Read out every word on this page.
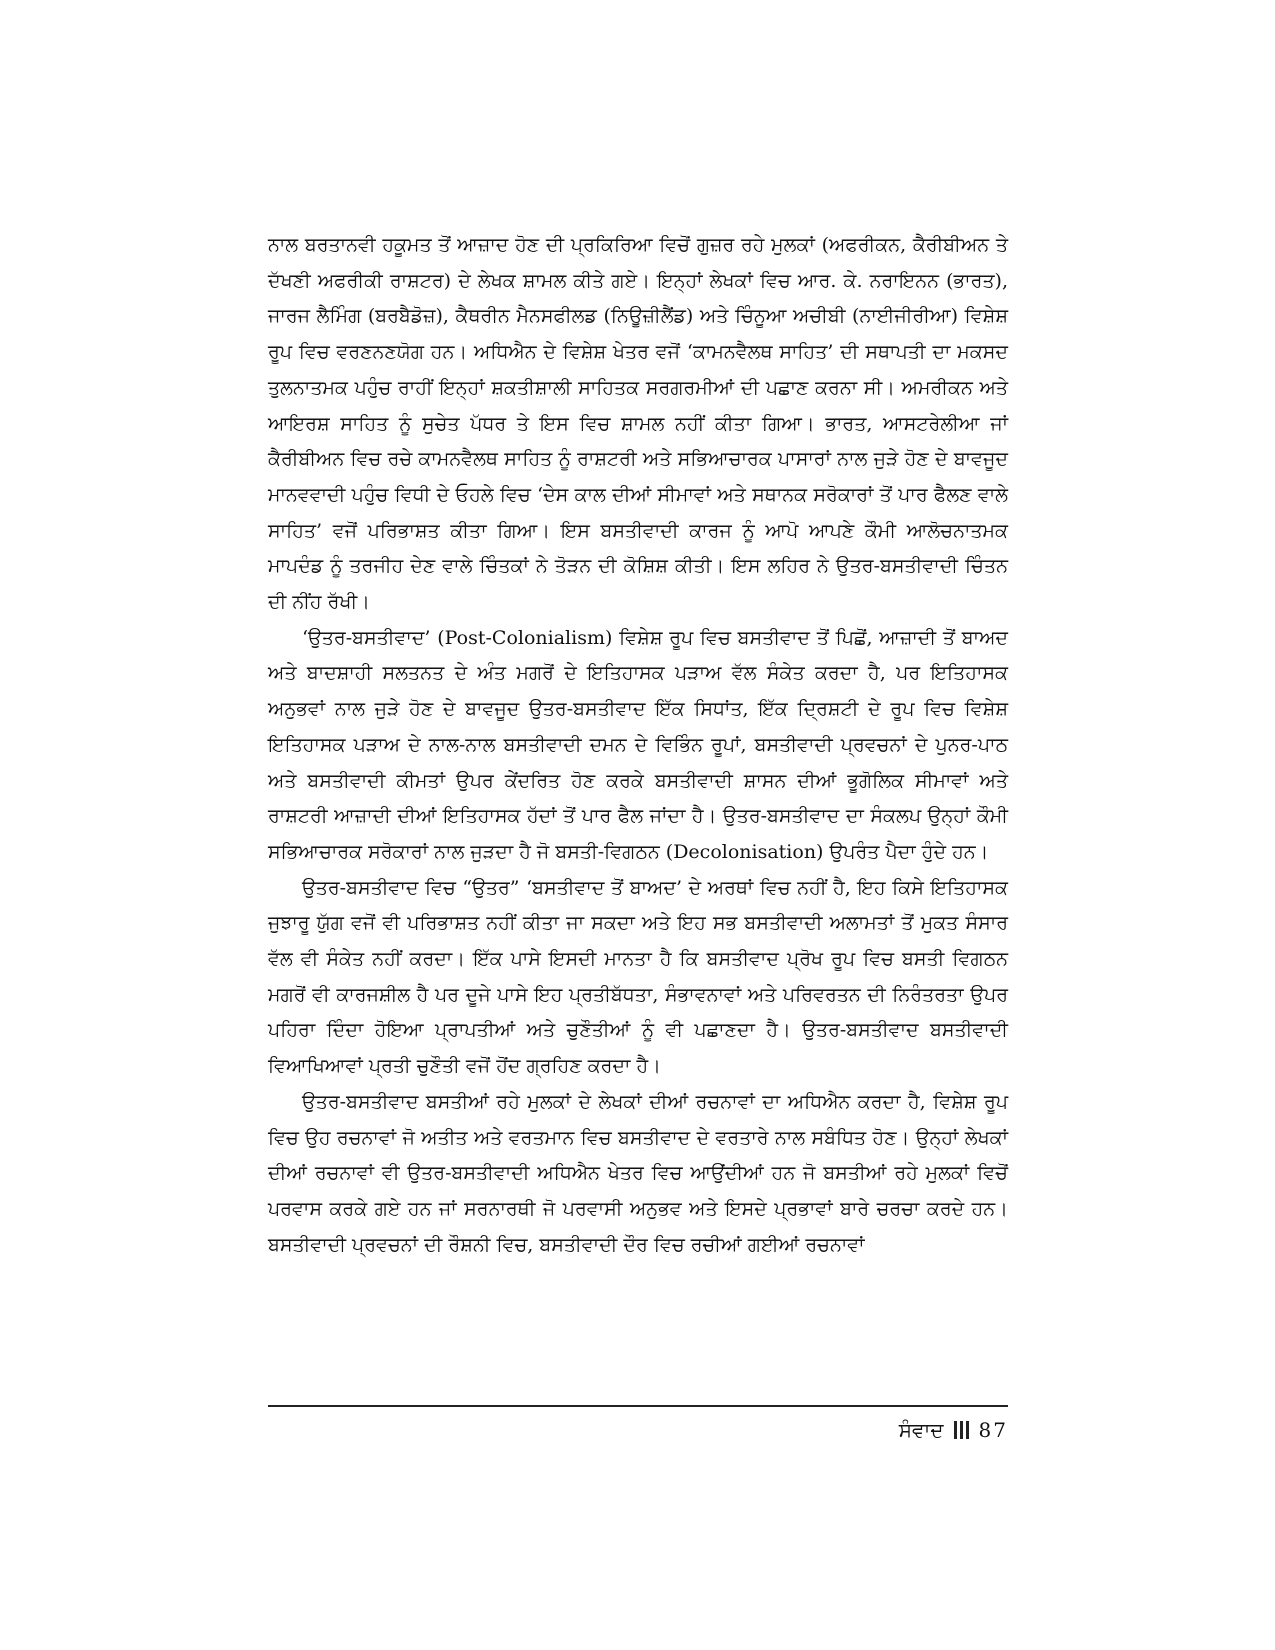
ਨਾਲ ਬਰਤਾਨਵੀ ਹਕੂਮਤ ਤੋਂ ਆਜ਼ਾਦ ਹੋਣ ਦੀ ਪ੍ਰਕਿਰਿਆ ਵਿਚੋਂ ਗੁਜ਼ਰ ਰਹੇ ਮੁਲਕਾਂ (ਅਫਰੀਕਨ, ਕੈਰੀਬੀਅਨ ਤੇ ਦੱਖਣੀ ਅਫਰੀਕੀ ਰਾਸ਼ਟਰ) ਦੇ ਲੇਖਕ ਸ਼ਾਮਲ ਕੀਤੇ ਗਏ। ਇਨ੍ਹਾਂ ਲੇਖਕਾਂ ਵਿਚ ਆਰ. ਕੇ. ਨਰਾਇਨਨ (ਭਾਰਤ), ਜਾਰਜ ਲੈਮਿੰਗ (ਬਰਬੈਡੋਜ਼), ਕੈਥਰੀਨ ਮੈਨਸਫੀਲਡ (ਨਿਊਜ਼ੀਲੈਂਡ) ਅਤੇ ਚਿੰਨੂਆ ਅਚੀਬੀ (ਨਾਈਜੀਰੀਆ) ਵਿਸ਼ੇਸ਼ ਰੂਪ ਵਿਚ ਵਰਣਨਣਯੋਗ ਹਨ। ਅਧਿਐਨ ਦੇ ਵਿਸ਼ੇਸ਼ ਖੇਤਰ ਵਜੋਂ ‘ਕਾਮਨਵੈਲਥ ਸਾਹਿਤ’ ਦੀ ਸਥਾਪਤੀ ਦਾ ਮਕਸਦ ਤੁਲਨਾਤਮਕ ਪਹੁੰਚ ਰਾਹੀਂ ਇਨ੍ਹਾਂ ਸ਼ਕਤੀਸ਼ਾਲੀ ਸਾਹਿਤਕ ਸਰਗਰਮੀਆਂ ਦੀ ਪਛਾਣ ਕਰਨਾ ਸੀ। ਅਮਰੀਕਨ ਅਤੇ ਆਇਰਸ਼ ਸਾਹਿਤ ਨੂੰ ਸੁਚੇਤ ਪੱਧਰ ਤੇ ਇਸ ਵਿਚ ਸ਼ਾਮਲ ਨਹੀਂ ਕੀਤਾ ਗਿਆ। ਭਾਰਤ, ਆਸਟਰੇਲੀਆ ਜਾਂ ਕੈਰੀਬੀਅਨ ਵਿਚ ਰਚੇ ਕਾਮਨਵੈਲਥ ਸਾਹਿਤ ਨੂੰ ਰਾਸ਼ਟਰੀ ਅਤੇ ਸਭਿਆਚਾਰਕ ਪਾਸਾਰਾਂ ਨਾਲ ਜੁੜੇ ਹੋਣ ਦੇ ਬਾਵਜੂਦ ਮਾਨਵਵਾਦੀ ਪਹੁੰਚ ਵਿਧੀ ਦੇ ਓਹਲੇ ਵਿਚ ‘ਦੇਸ ਕਾਲ ਦੀਆਂ ਸੀਮਾਵਾਂ ਅਤੇ ਸਥਾਨਕ ਸਰੋਕਾਰਾਂ ਤੋਂ ਪਾਰ ਫੈਲਣ ਵਾਲੇ ਸਾਹਿਤ’ ਵਜੋਂ ਪਰਿਭਾਸ਼ਤ ਕੀਤਾ ਗਿਆ। ਇਸ ਬਸਤੀਵਾਦੀ ਕਾਰਜ ਨੂੰ ਆਪੋ ਆਪਣੇ ਕੌਮੀ ਆਲੋਚਨਾਤਮਕ ਮਾਪਦੰਡ ਨੂੰ ਤਰਜੀਹ ਦੇਣ ਵਾਲੇ ਚਿੰਤਕਾਂ ਨੇ ਤੋੜਨ ਦੀ ਕੋਸ਼ਿਸ਼ ਕੀਤੀ। ਇਸ ਲਹਿਰ ਨੇ ਉਤਰ-ਬਸਤੀਵਾਦੀ ਚਿੰਤਨ ਦੀ ਨੀਂਹ ਰੱਖੀ।

‘ਉਤਰ-ਬਸਤੀਵਾਦ’ (Post-Colonialism) ਵਿਸ਼ੇਸ਼ ਰੂਪ ਵਿਚ ਬਸਤੀਵਾਦ ਤੋਂ ਪਿਛੋਂ, ਆਜ਼ਾਦੀ ਤੋਂ ਬਾਅਦ ਅਤੇ ਬਾਦਸ਼ਾਹੀ ਸਲਤਨਤ ਦੇ ਅੰਤ ਮਗਰੋਂ ਦੇ ਇਤਿਹਾਸਕ ਪੜਾਅ ਵੱਲ ਸੰਕੇਤ ਕਰਦਾ ਹੈ, ਪਰ ਇਤਿਹਾਸਕ ਅਨੁਭਵਾਂ ਨਾਲ ਜੁੜੇ ਹੋਣ ਦੇ ਬਾਵਜੂਦ ਉਤਰ-ਬਸਤੀਵਾਦ ਇੱਕ ਸਿਧਾਂਤ, ਇੱਕ ਦ੍ਰਿਸ਼ਟੀ ਦੇ ਰੂਪ ਵਿਚ ਵਿਸ਼ੇਸ਼ ਇਤਿਹਾਸਕ ਪੜਾਅ ਦੇ ਨਾਲ-ਨਾਲ ਬਸਤੀਵਾਦੀ ਦਮਨ ਦੇ ਵਿਭਿੰਨ ਰੂਪਾਂ, ਬਸਤੀਵਾਦੀ ਪ੍ਰਵਚਨਾਂ ਦੇ ਪੁਨਰ-ਪਾਠ ਅਤੇ ਬਸਤੀਵਾਦੀ ਕੀਮਤਾਂ ਉਪਰ ਕੇਂਦਰਿਤ ਹੋਣ ਕਰਕੇ ਬਸਤੀਵਾਦੀ ਸ਼ਾਸਨ ਦੀਆਂ ਭੂਗੋਲਿਕ ਸੀਮਾਵਾਂ ਅਤੇ ਰਾਸ਼ਟਰੀ ਆਜ਼ਾਦੀ ਦੀਆਂ ਇਤਿਹਾਸਕ ਹੱਦਾਂ ਤੋਂ ਪਾਰ ਫੈਲ ਜਾਂਦਾ ਹੈ। ਉਤਰ-ਬਸਤੀਵਾਦ ਦਾ ਸੰਕਲਪ ਉਨ੍ਹਾਂ ਕੌਮੀ ਸਭਿਆਚਾਰਕ ਸਰੋਕਾਰਾਂ ਨਾਲ ਜੁੜਦਾ ਹੈ ਜੋ ਬਸਤੀ-ਵਿਗਠਨ (Decolonisation) ਉਪਰੰਤ ਪੈਦਾ ਹੁੰਦੇ ਹਨ।

ਉਤਰ-ਬਸਤੀਵਾਦ ਵਿਚ “ਉਤਰ” ‘ਬਸਤੀਵਾਦ ਤੋਂ ਬਾਅਦ’ ਦੇ ਅਰਥਾਂ ਵਿਚ ਨਹੀਂ ਹੈ, ਇਹ ਕਿਸੇ ਇਤਿਹਾਸਕ ਜੁਝਾਰੂ ਯੁੱਗ ਵਜੋਂ ਵੀ ਪਰਿਭਾਸ਼ਤ ਨਹੀਂ ਕੀਤਾ ਜਾ ਸਕਦਾ ਅਤੇ ਇਹ ਸਭ ਬਸਤੀਵਾਦੀ ਅਲਾਮਤਾਂ ਤੋਂ ਮੁਕਤ ਸੰਸਾਰ ਵੱਲ ਵੀ ਸੰਕੇਤ ਨਹੀਂ ਕਰਦਾ। ਇੱਕ ਪਾਸੇ ਇਸਦੀ ਮਾਨਤਾ ਹੈ ਕਿ ਬਸਤੀਵਾਦ ਪ੍ਰੋਖ ਰੂਪ ਵਿਚ ਬਸਤੀ ਵਿਗਠਨ ਮਗਰੋਂ ਵੀ ਕਾਰਜਸ਼ੀਲ ਹੈ ਪਰ ਦੂਜੇ ਪਾਸੇ ਇਹ ਪ੍ਰਤੀਬੱਧਤਾ, ਸੰਭਾਵਨਾਵਾਂ ਅਤੇ ਪਰਿਵਰਤਨ ਦੀ ਨਿਰੰਤਰਤਾ ਉਪਰ ਪਹਿਰਾ ਦਿੰਦਾ ਹੋਇਆ ਪ੍ਰਾਪਤੀਆਂ ਅਤੇ ਚੁਣੌਤੀਆਂ ਨੂੰ ਵੀ ਪਛਾਣਦਾ ਹੈ। ਉਤਰ-ਬਸਤੀਵਾਦ ਬਸਤੀਵਾਦੀ ਵਿਆਖਿਆਵਾਂ ਪ੍ਰਤੀ ਚੁਣੌਤੀ ਵਜੋਂ ਹੋਂਦ ਗ੍ਰਹਿਣ ਕਰਦਾ ਹੈ।

ਉਤਰ-ਬਸਤੀਵਾਦ ਬਸਤੀਆਂ ਰਹੇ ਮੁਲਕਾਂ ਦੇ ਲੇਖਕਾਂ ਦੀਆਂ ਰਚਨਾਵਾਂ ਦਾ ਅਧਿਐਨ ਕਰਦਾ ਹੈ, ਵਿਸ਼ੇਸ਼ ਰੂਪ ਵਿਚ ਉਹ ਰਚਨਾਵਾਂ ਜੋ ਅਤੀਤ ਅਤੇ ਵਰਤਮਾਨ ਵਿਚ ਬਸਤੀਵਾਦ ਦੇ ਵਰਤਾਰੇ ਨਾਲ ਸਬੰਧਿਤ ਹੋਣ। ਉਨ੍ਹਾਂ ਲੇਖਕਾਂ ਦੀਆਂ ਰਚਨਾਵਾਂ ਵੀ ਉਤਰ-ਬਸਤੀਵਾਦੀ ਅਧਿਐਨ ਖੇਤਰ ਵਿਚ ਆਉਂਦੀਆਂ ਹਨ ਜੋ ਬਸਤੀਆਂ ਰਹੇ ਮੁਲਕਾਂ ਵਿਚੋਂ ਪਰਵਾਸ ਕਰਕੇ ਗਏ ਹਨ ਜਾਂ ਸਰਨਾਰਥੀ ਜੋ ਪਰਵਾਸੀ ਅਨੁਭਵ ਅਤੇ ਇਸਦੇ ਪ੍ਰਭਾਵਾਂ ਬਾਰੇ ਚਰਚਾ ਕਰਦੇ ਹਨ। ਬਸਤੀਵਾਦੀ ਪ੍ਰਵਚਨਾਂ ਦੀ ਰੌਸ਼ਨੀ ਵਿਚ, ਬਸਤੀਵਾਦੀ ਦੌਰ ਵਿਚ ਰਚੀਆਂ ਗਈਆਂ ਰਚਨਾਵਾਂ

ਸੰਵਾਦ 87
